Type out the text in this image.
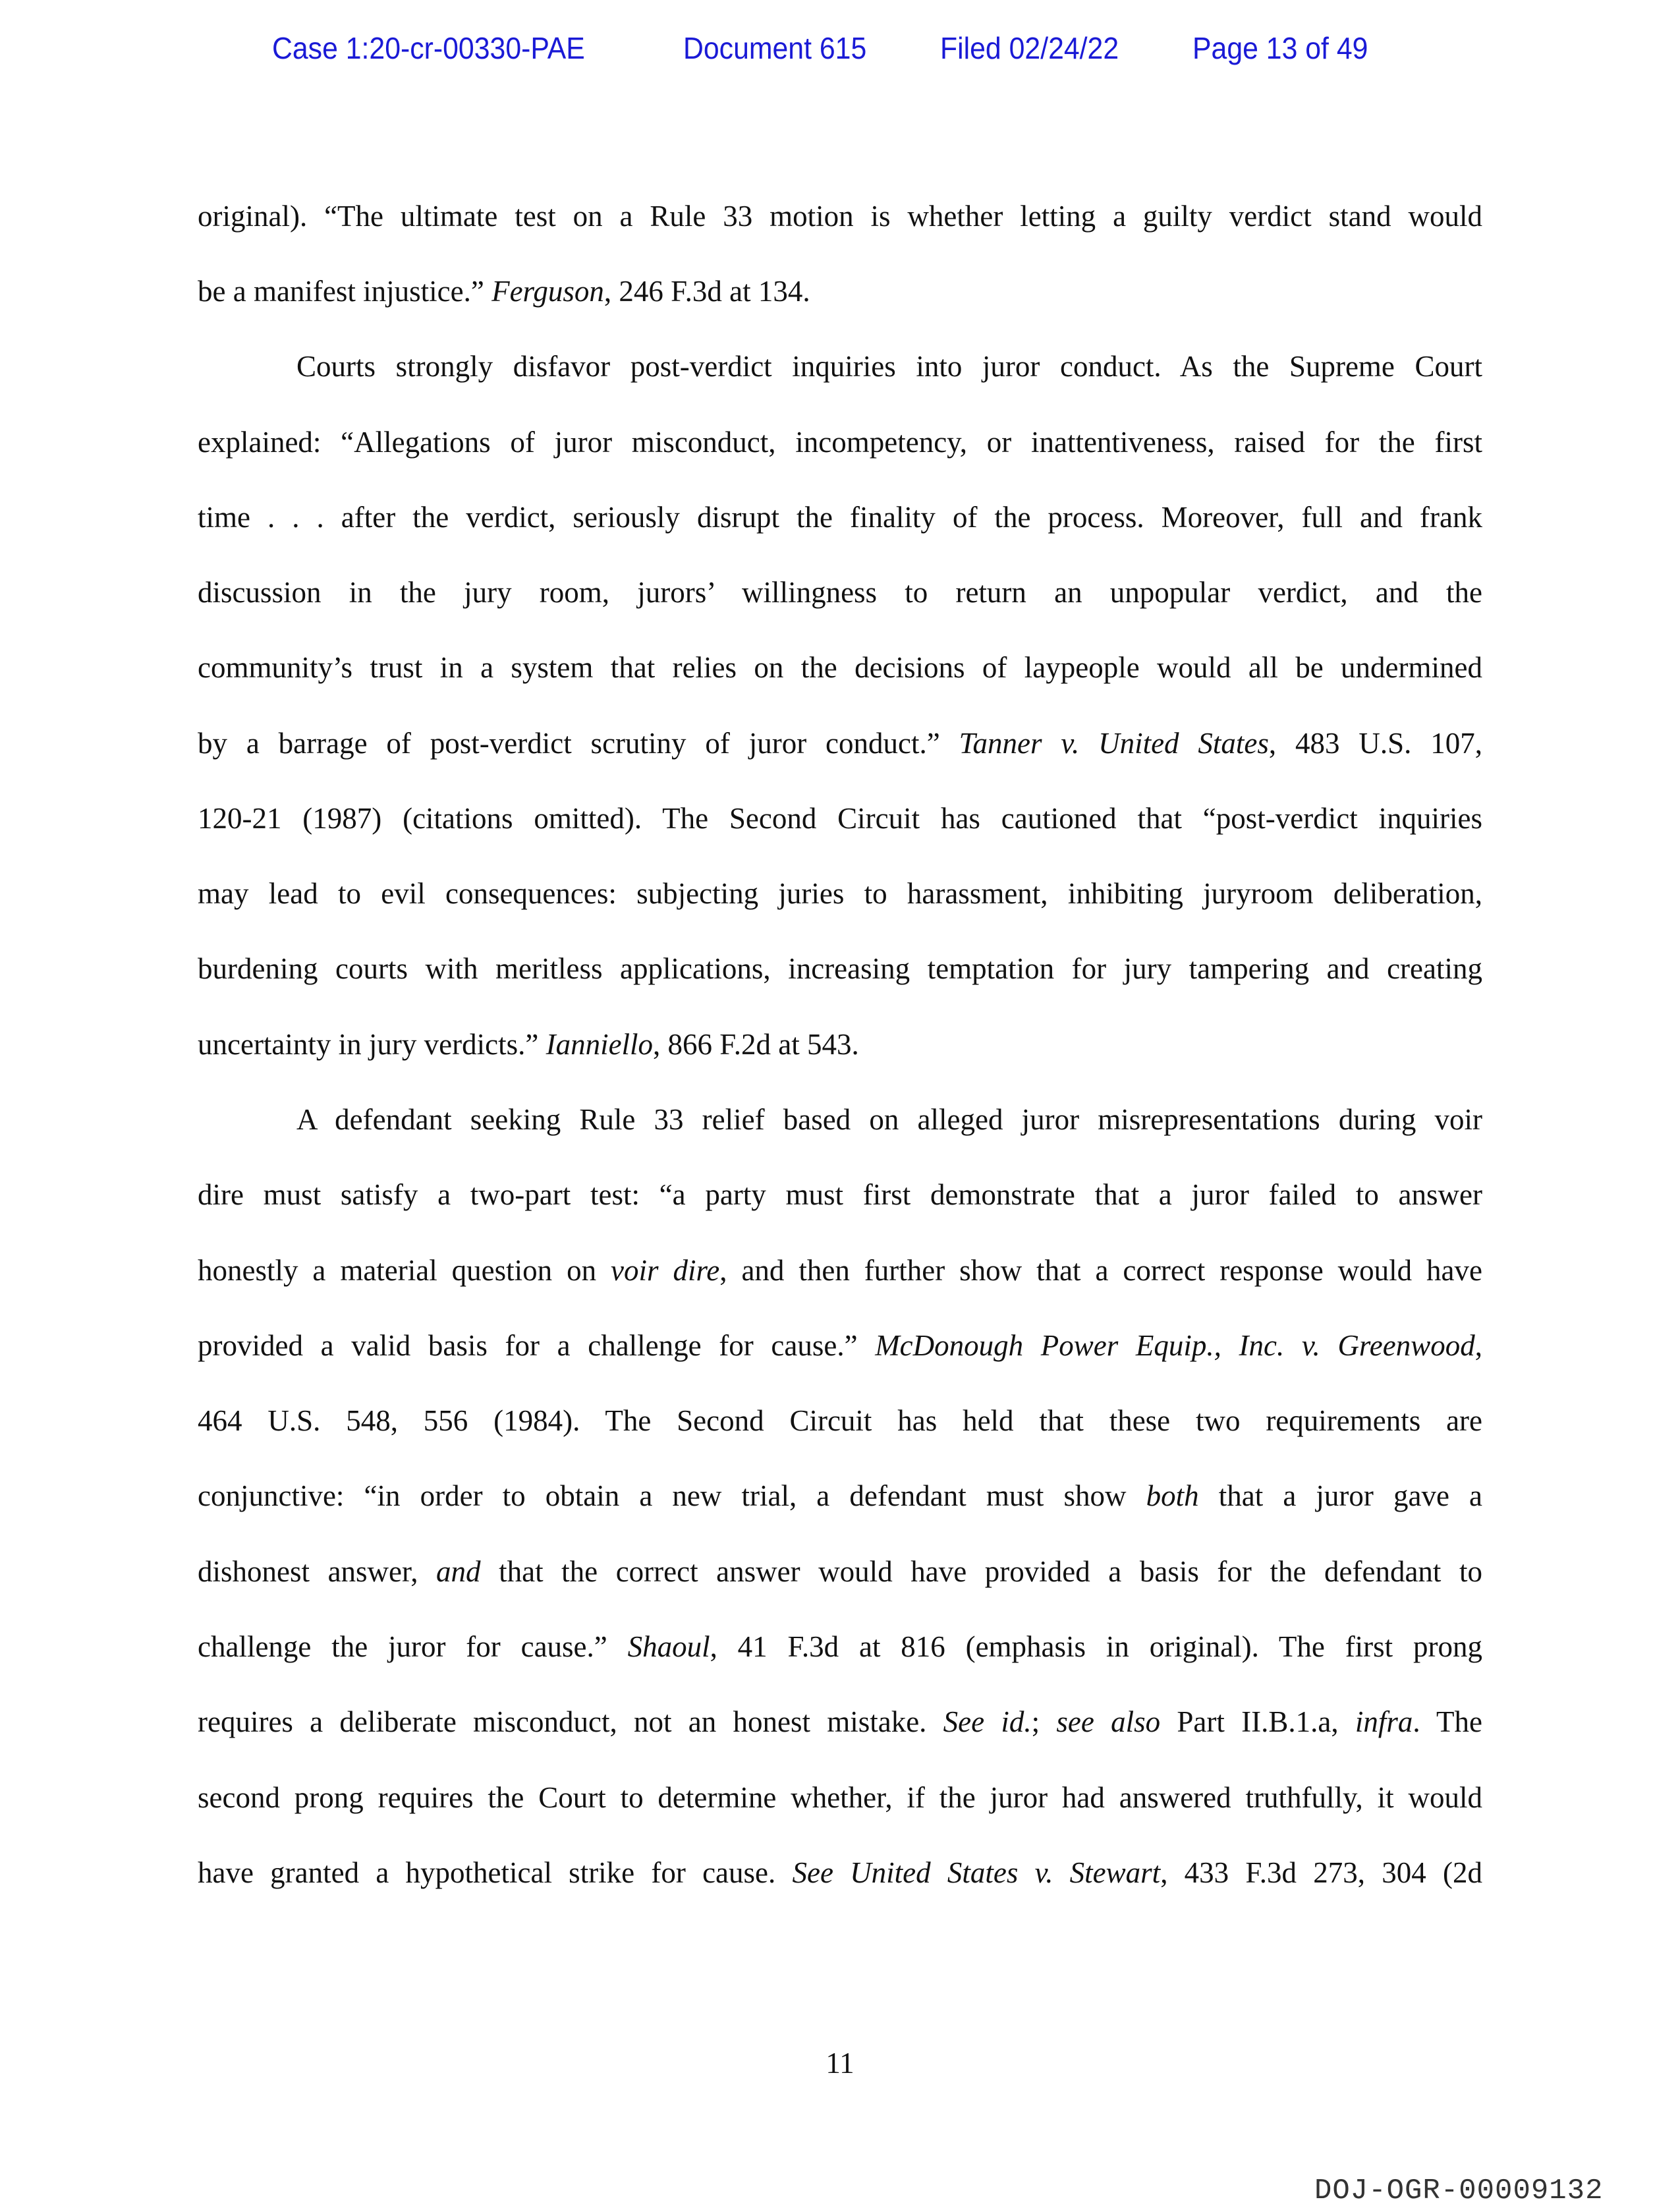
Case 1:20-cr-00330-PAE	Document 615 Filed 02/24/22 Page 13 of 49
original). “The ultimate test on a Rule 33 motion is whether letting a guilty verdict stand would
be a manifest injustice.” Ferguson, 246 F.3d at 134.
Courts strongly disfavor post-verdict inquiries into juror conduct. As the Supreme Court
explained: “Allegations of juror misconduct, incompetency, or inattentiveness, raised for the first
time . . . after the verdict, seriously disrupt the finality of the process. Moreover, full and frank
discussion in the jury room, jurors’ willingness to return an unpopular verdict, and the
community’s trust in a system that relies on the decisions of laypeople would all be undermined
by a barrage of post-verdict scrutiny of juror conduct.” Tanner v. United States, 483 U.S. 107,
120-21 (1987) (citations omitted). The Second Circuit has cautioned that “post-verdict inquiries
may lead to evil consequences: subjecting juries to harassment, inhibiting juryroom deliberation,
burdening courts with meritless applications, increasing temptation for jury tampering and creating
uncertainty in jury verdicts.” Ianniello, 866 F.2d at 543.
A defendant seeking Rule 33 relief based on alleged juror misrepresentations during voir
dire must satisfy a two-part test: “a party must first demonstrate that a juror failed to answer
honestly a material question on voir dire, and then further show that a correct response would have
provided a valid basis for a challenge for cause.” McDonough Power Equip., Inc. v. Greenwood,
464 U.S. 548, 556 (1984). The Second Circuit has held that these two requirements are
conjunctive: “in order to obtain a new trial, a defendant must show both that a juror gave a
dishonest answer, and that the correct answer would have provided a basis for the defendant to
challenge the juror for cause.” Shaoul, 41 F.3d at 816 (emphasis in original). The first prong
requires a deliberate misconduct, not an honest mistake. See id.; see also Part II.B.1.a, infra. The
second prong requires the Court to determine whether, if the juror had answered truthfully, it would
have granted a hypothetical strike for cause. See United States v. Stewart, 433 F.3d 273, 304 (2d
11
DOJ-OGR-00009132
